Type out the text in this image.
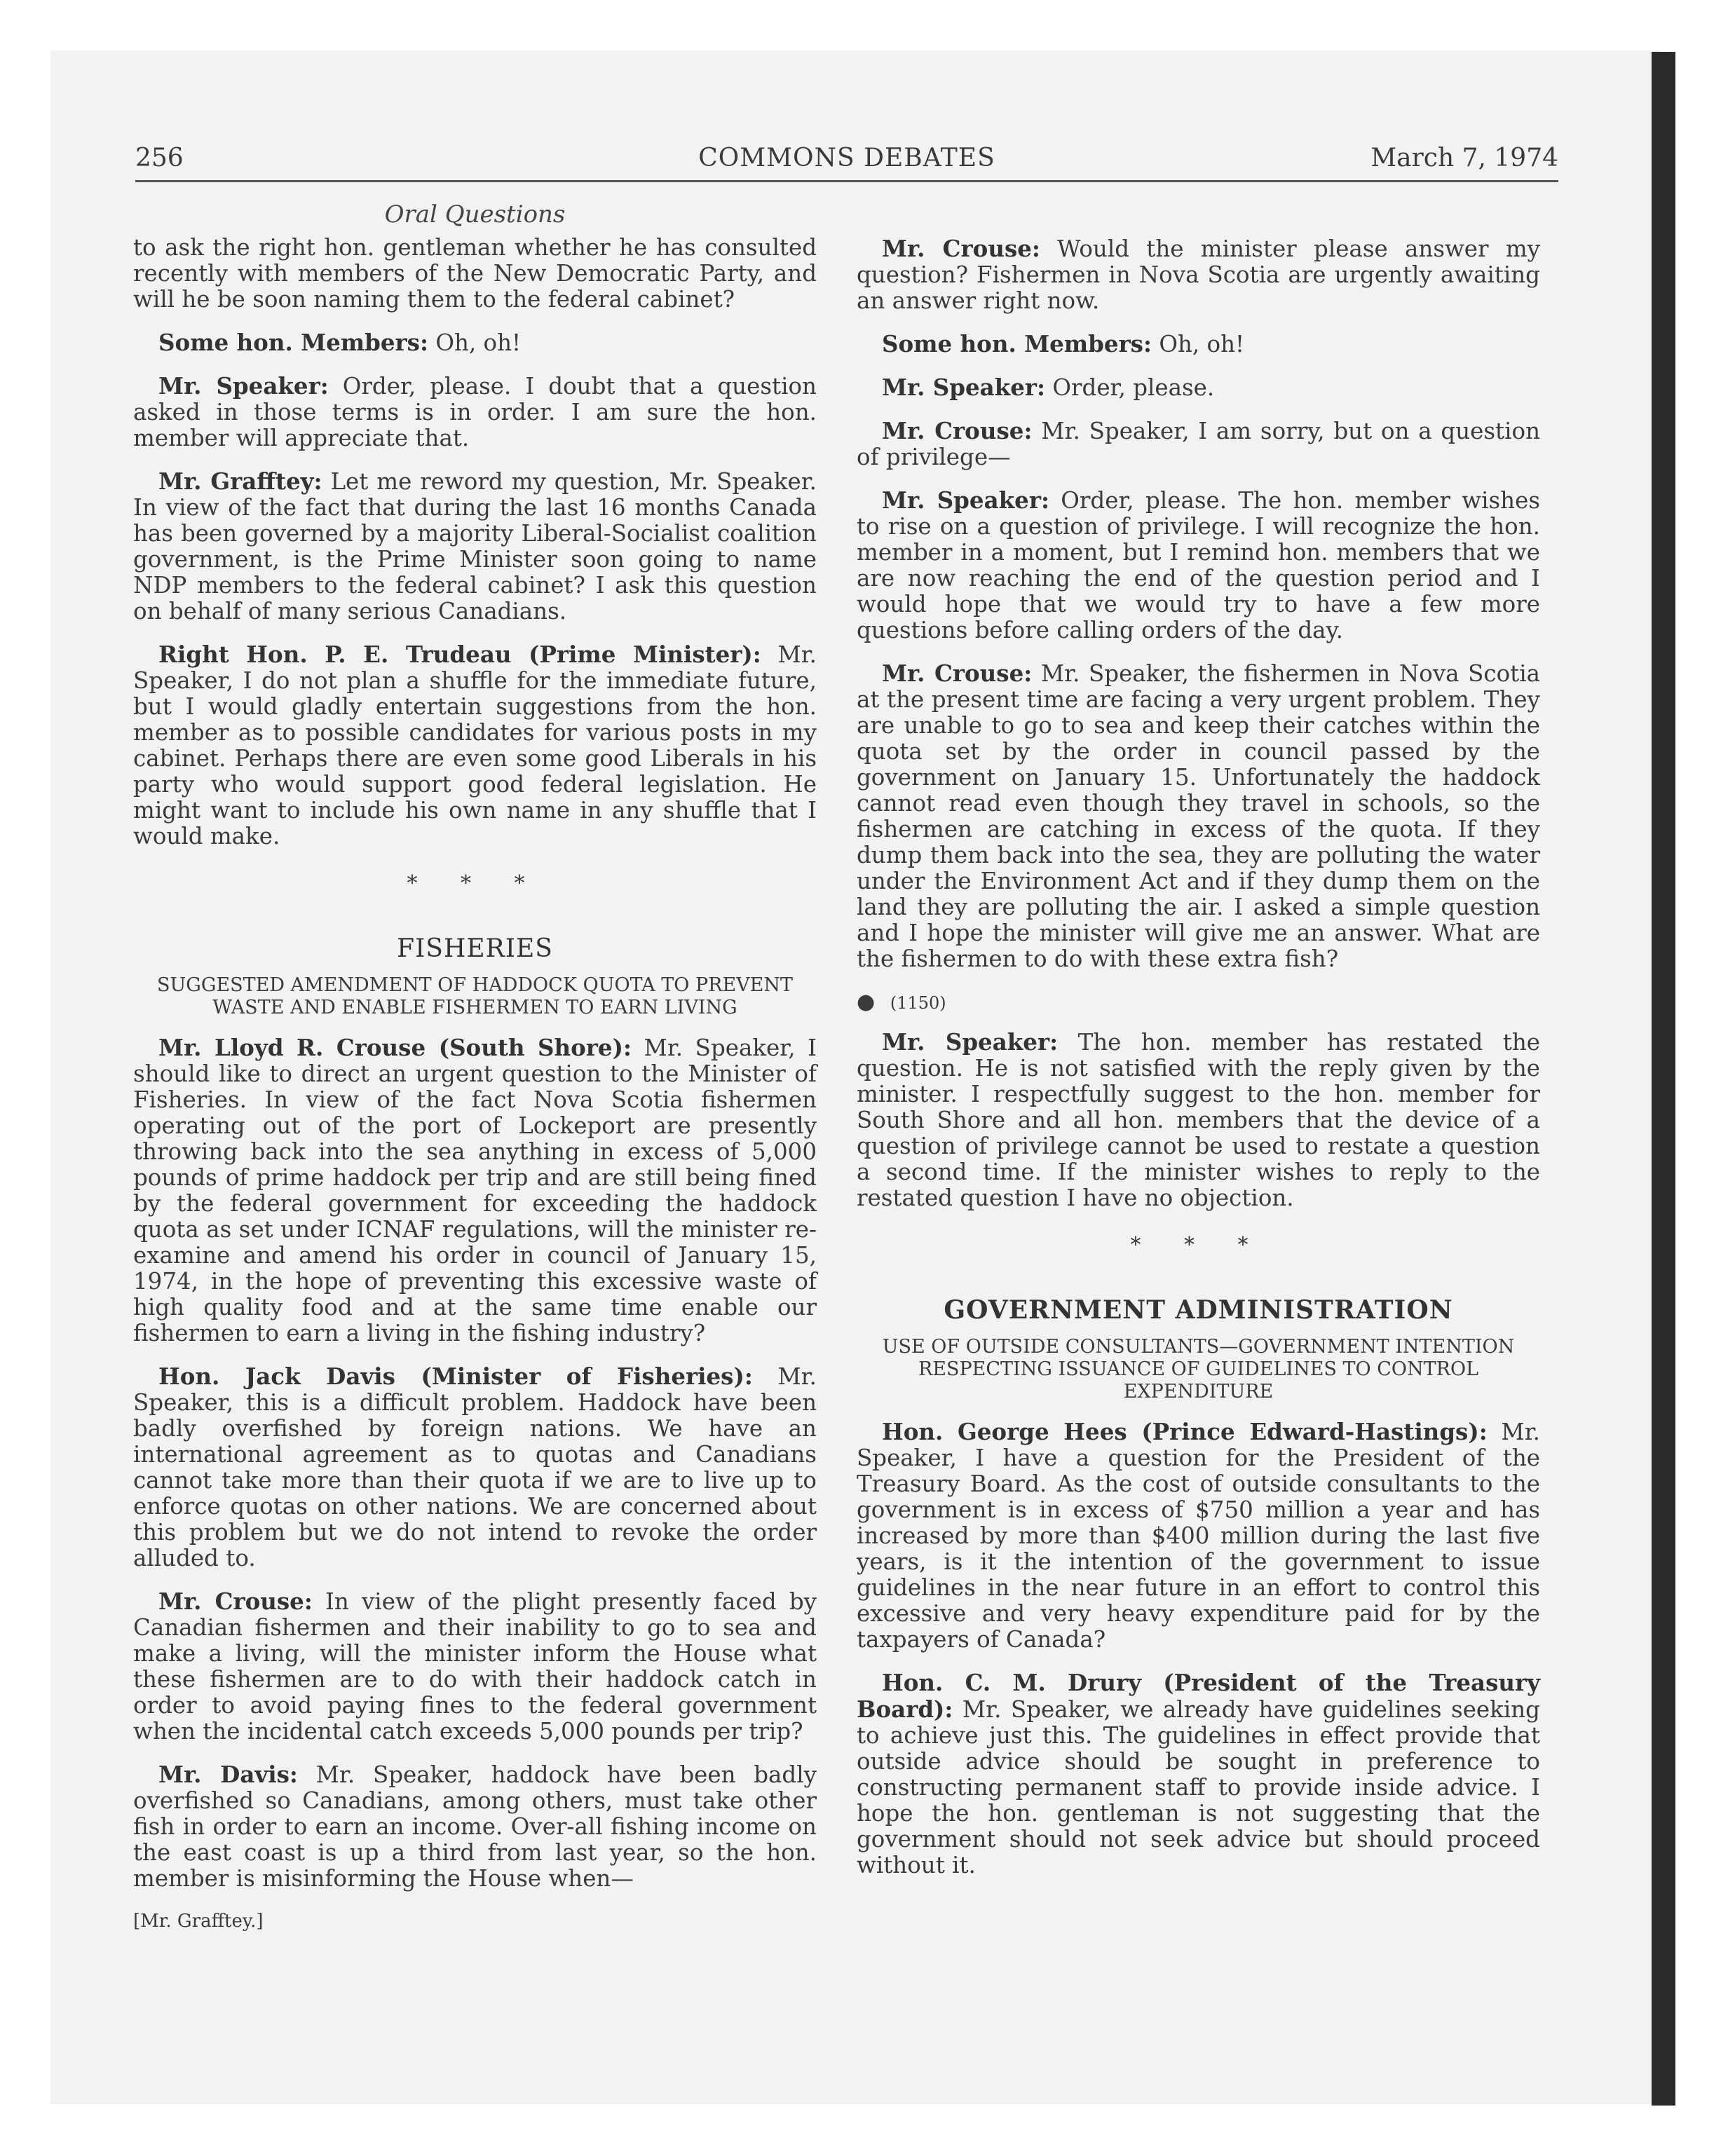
256	COMMONS DEBATES	March 7, 1974
Oral Questions

to ask the right hon. gentleman whether he has consulted recently with members of the New Democratic Party, and will he be soon naming them to the federal cabinet?

Some hon. Members: Oh, oh!

Mr. Speaker: Order, please. I doubt that a question asked in those terms is in order. I am sure the hon. member will appreciate that.

Mr. Grafftey: Let me reword my question, Mr. Speaker. In view of the fact that during the last 16 months Canada has been governed by a majority Liberal-Socialist coalition government, is the Prime Minister soon going to name NDP members to the federal cabinet? I ask this question on behalf of many serious Canadians.

Right Hon. P. E. Trudeau (Prime Minister): Mr. Speaker, I do not plan a shuffle for the immediate future, but I would gladly entertain suggestions from the hon. member as to possible candidates for various posts in my cabinet. Perhaps there are even some good Liberals in his party who would support good federal legislation. He might want to include his own name in any shuffle that I would make.

* * *
FISHERIES
SUGGESTED AMENDMENT OF HADDOCK QUOTA TO PREVENT WASTE AND ENABLE FISHERMEN TO EARN LIVING

Mr. Lloyd R. Crouse (South Shore): Mr. Speaker, I should like to direct an urgent question to the Minister of Fisheries. In view of the fact Nova Scotia fishermen operating out of the port of Lockeport are presently throwing back into the sea anything in excess of 5,000 pounds of prime haddock per trip and are still being fined by the federal government for exceeding the haddock quota as set under ICNAF regulations, will the minister re-examine and amend his order in council of January 15, 1974, in the hope of preventing this excessive waste of high quality food and at the same time enable our fishermen to earn a living in the fishing industry?

Hon. Jack Davis (Minister of Fisheries): Mr. Speaker, this is a difficult problem. Haddock have been badly overfished by foreign nations. We have an international agreement as to quotas and Canadians cannot take more than their quota if we are to live up to enforce quotas on other nations. We are concerned about this problem but we do not intend to revoke the order alluded to.

Mr. Crouse: In view of the plight presently faced by Canadian fishermen and their inability to go to sea and make a living, will the minister inform the House what these fishermen are to do with their haddock catch in order to avoid paying fines to the federal government when the incidental catch exceeds 5,000 pounds per trip?

Mr. Davis: Mr. Speaker, haddock have been badly overfished so Canadians, among others, must take other fish in order to earn an income. Over-all fishing income on the east coast is up a third from last year, so the hon. member is misinforming the House when—

[Mr. Grafftey.]

Mr. Crouse: Would the minister please answer my question? Fishermen in Nova Scotia are urgently awaiting an answer right now.

Some hon. Members: Oh, oh!

Mr. Speaker: Order, please.

Mr. Crouse: Mr. Speaker, I am sorry, but on a question of privilege—

Mr. Speaker: Order, please. The hon. member wishes to rise on a question of privilege. I will recognize the hon. member in a moment, but I remind hon. members that we are now reaching the end of the question period and I would hope that we would try to have a few more questions before calling orders of the day.

Mr. Crouse: Mr. Speaker, the fishermen in Nova Scotia at the present time are facing a very urgent problem. They are unable to go to sea and keep their catches within the quota set by the order in council passed by the government on January 15. Unfortunately the haddock cannot read even though they travel in schools, so the fishermen are catching in excess of the quota. If they dump them back into the sea, they are polluting the water under the Environment Act and if they dump them on the land they are polluting the air. I asked a simple question and I hope the minister will give me an answer. What are the fishermen to do with these extra fish?

● (1150)

Mr. Speaker: The hon. member has restated the question. He is not satisfied with the reply given by the minister. I respectfully suggest to the hon. member for South Shore and all hon. members that the device of a question of privilege cannot be used to restate a question a second time. If the minister wishes to reply to the restated question I have no objection.

* * *
GOVERNMENT ADMINISTRATION
USE OF OUTSIDE CONSULTANTS—GOVERNMENT INTENTION RESPECTING ISSUANCE OF GUIDELINES TO CONTROL EXPENDITURE

Hon. George Hees (Prince Edward-Hastings): Mr. Speaker, I have a question for the President of the Treasury Board. As the cost of outside consultants to the government is in excess of $750 million a year and has increased by more than $400 million during the last five years, is it the intention of the government to issue guidelines in the near future in an effort to control this excessive and very heavy expenditure paid for by the taxpayers of Canada?

Hon. C. M. Drury (President of the Treasury Board): Mr. Speaker, we already have guidelines seeking to achieve just this. The guidelines in effect provide that outside advice should be sought in preference to constructing permanent staff to provide inside advice. I hope the hon. gentleman is not suggesting that the government should not seek advice but should proceed without it.
